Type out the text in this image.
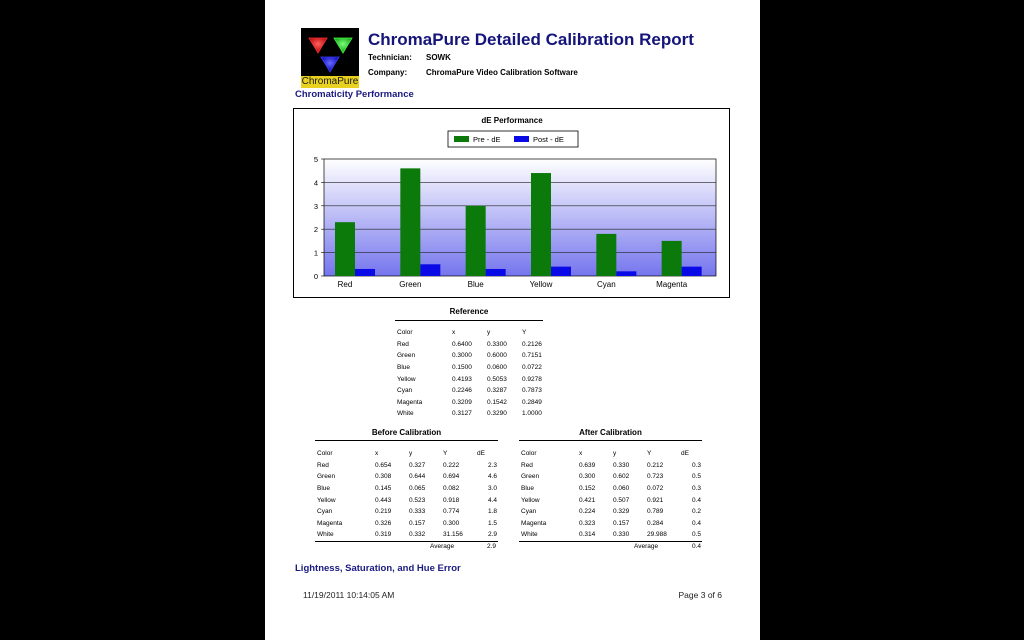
ChromaPure
ChromaPure Detailed Calibration Report
Technician: SOWK
Company: ChromaPure Video Calibration Software
Chromaticity Performance
dE Performance
Pre - dE	Post - dE
0
1
2
3
4
5
Red	Green	Blue	Yellow	Cyan	Magenta
Reference
Color	x	y	Y
Red	0.6400	0.3300	0.2126
Green	0.3000	0.6000	0.7151
Blue	0.1500	0.0600	0.0722
Yellow	0.4193	0.5053	0.9278
Cyan	0.2246	0.3287	0.7873
Magenta	0.3209	0.1542	0.2849
White	0.3127	0.3290	1.0000
Before Calibration
Color	x	y	Y	dE
Red	0.654	0.327	0.222	2.3
Green	0.308	0.644	0.694	4.6
Blue	0.145	0.065	0.082	3.0
Yellow	0.443	0.523	0.918	4.4
Cyan	0.219	0.333	0.774	1.8
Magenta	0.326	0.157	0.300	1.5
White	0.319	0.332	31.156	2.9
Average	2.9
After Calibration
Color	x	y	Y	dE
Red	0.639	0.330	0.212	0.3
Green	0.300	0.602	0.723	0.5
Blue	0.152	0.060	0.072	0.3
Yellow	0.421	0.507	0.921	0.4
Cyan	0.224	0.329	0.789	0.2
Magenta	0.323	0.157	0.284	0.4
White	0.314	0.330	29.988	0.5
Average	0.4
Lightness, Saturation, and Hue Error
11/19/2011 10:14:05 AM	Page 3 of 6
